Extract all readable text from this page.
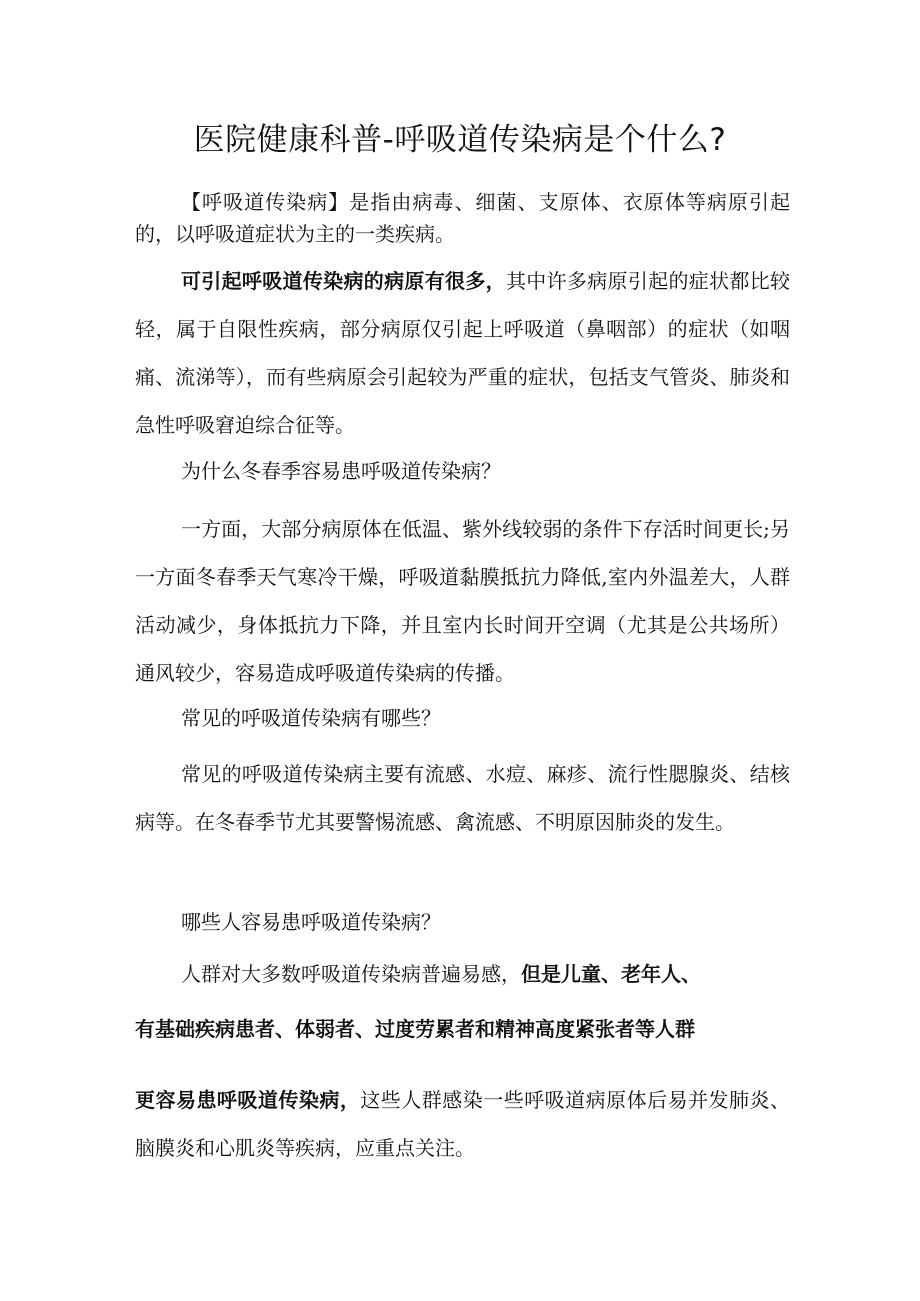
医院健康科普-呼吸道传染病是个什么?

【呼吸道传染病】是指由病毒、细菌、支原体、衣原体等病原引起的，以呼吸道症状为主的一类疾病。

可引起呼吸道传染病的病原有很多，其中许多病原引起的症状都比较轻，属于自限性疾病，部分病原仅引起上呼吸道（鼻咽部）的症状（如咽痛、流涕等），而有些病原会引起较为严重的症状，包括支气管炎、肺炎和急性呼吸窘迫综合征等。

为什么冬春季容易患呼吸道传染病？

一方面，大部分病原体在低温、紫外线较弱的条件下存活时间更长;另一方面冬春季天气寒冷干燥，呼吸道黏膜抵抗力降低,室内外温差大，人群活动减少，身体抵抗力下降，并且室内长时间开空调（尤其是公共场所）通风较少，容易造成呼吸道传染病的传播。

常见的呼吸道传染病有哪些？

常见的呼吸道传染病主要有流感、水痘、麻疹、流行性腮腺炎、结核病等。在冬春季节尤其要警惕流感、禽流感、不明原因肺炎的发生。

哪些人容易患呼吸道传染病？

人群对大多数呼吸道传染病普遍易感，但是儿童、老年人、

有基础疾病患者、体弱者、过度劳累者和精神高度紧张者等人群

更容易患呼吸道传染病，这些人群感染一些呼吸道病原体后易并发肺炎、脑膜炎和心肌炎等疾病，应重点关注。
